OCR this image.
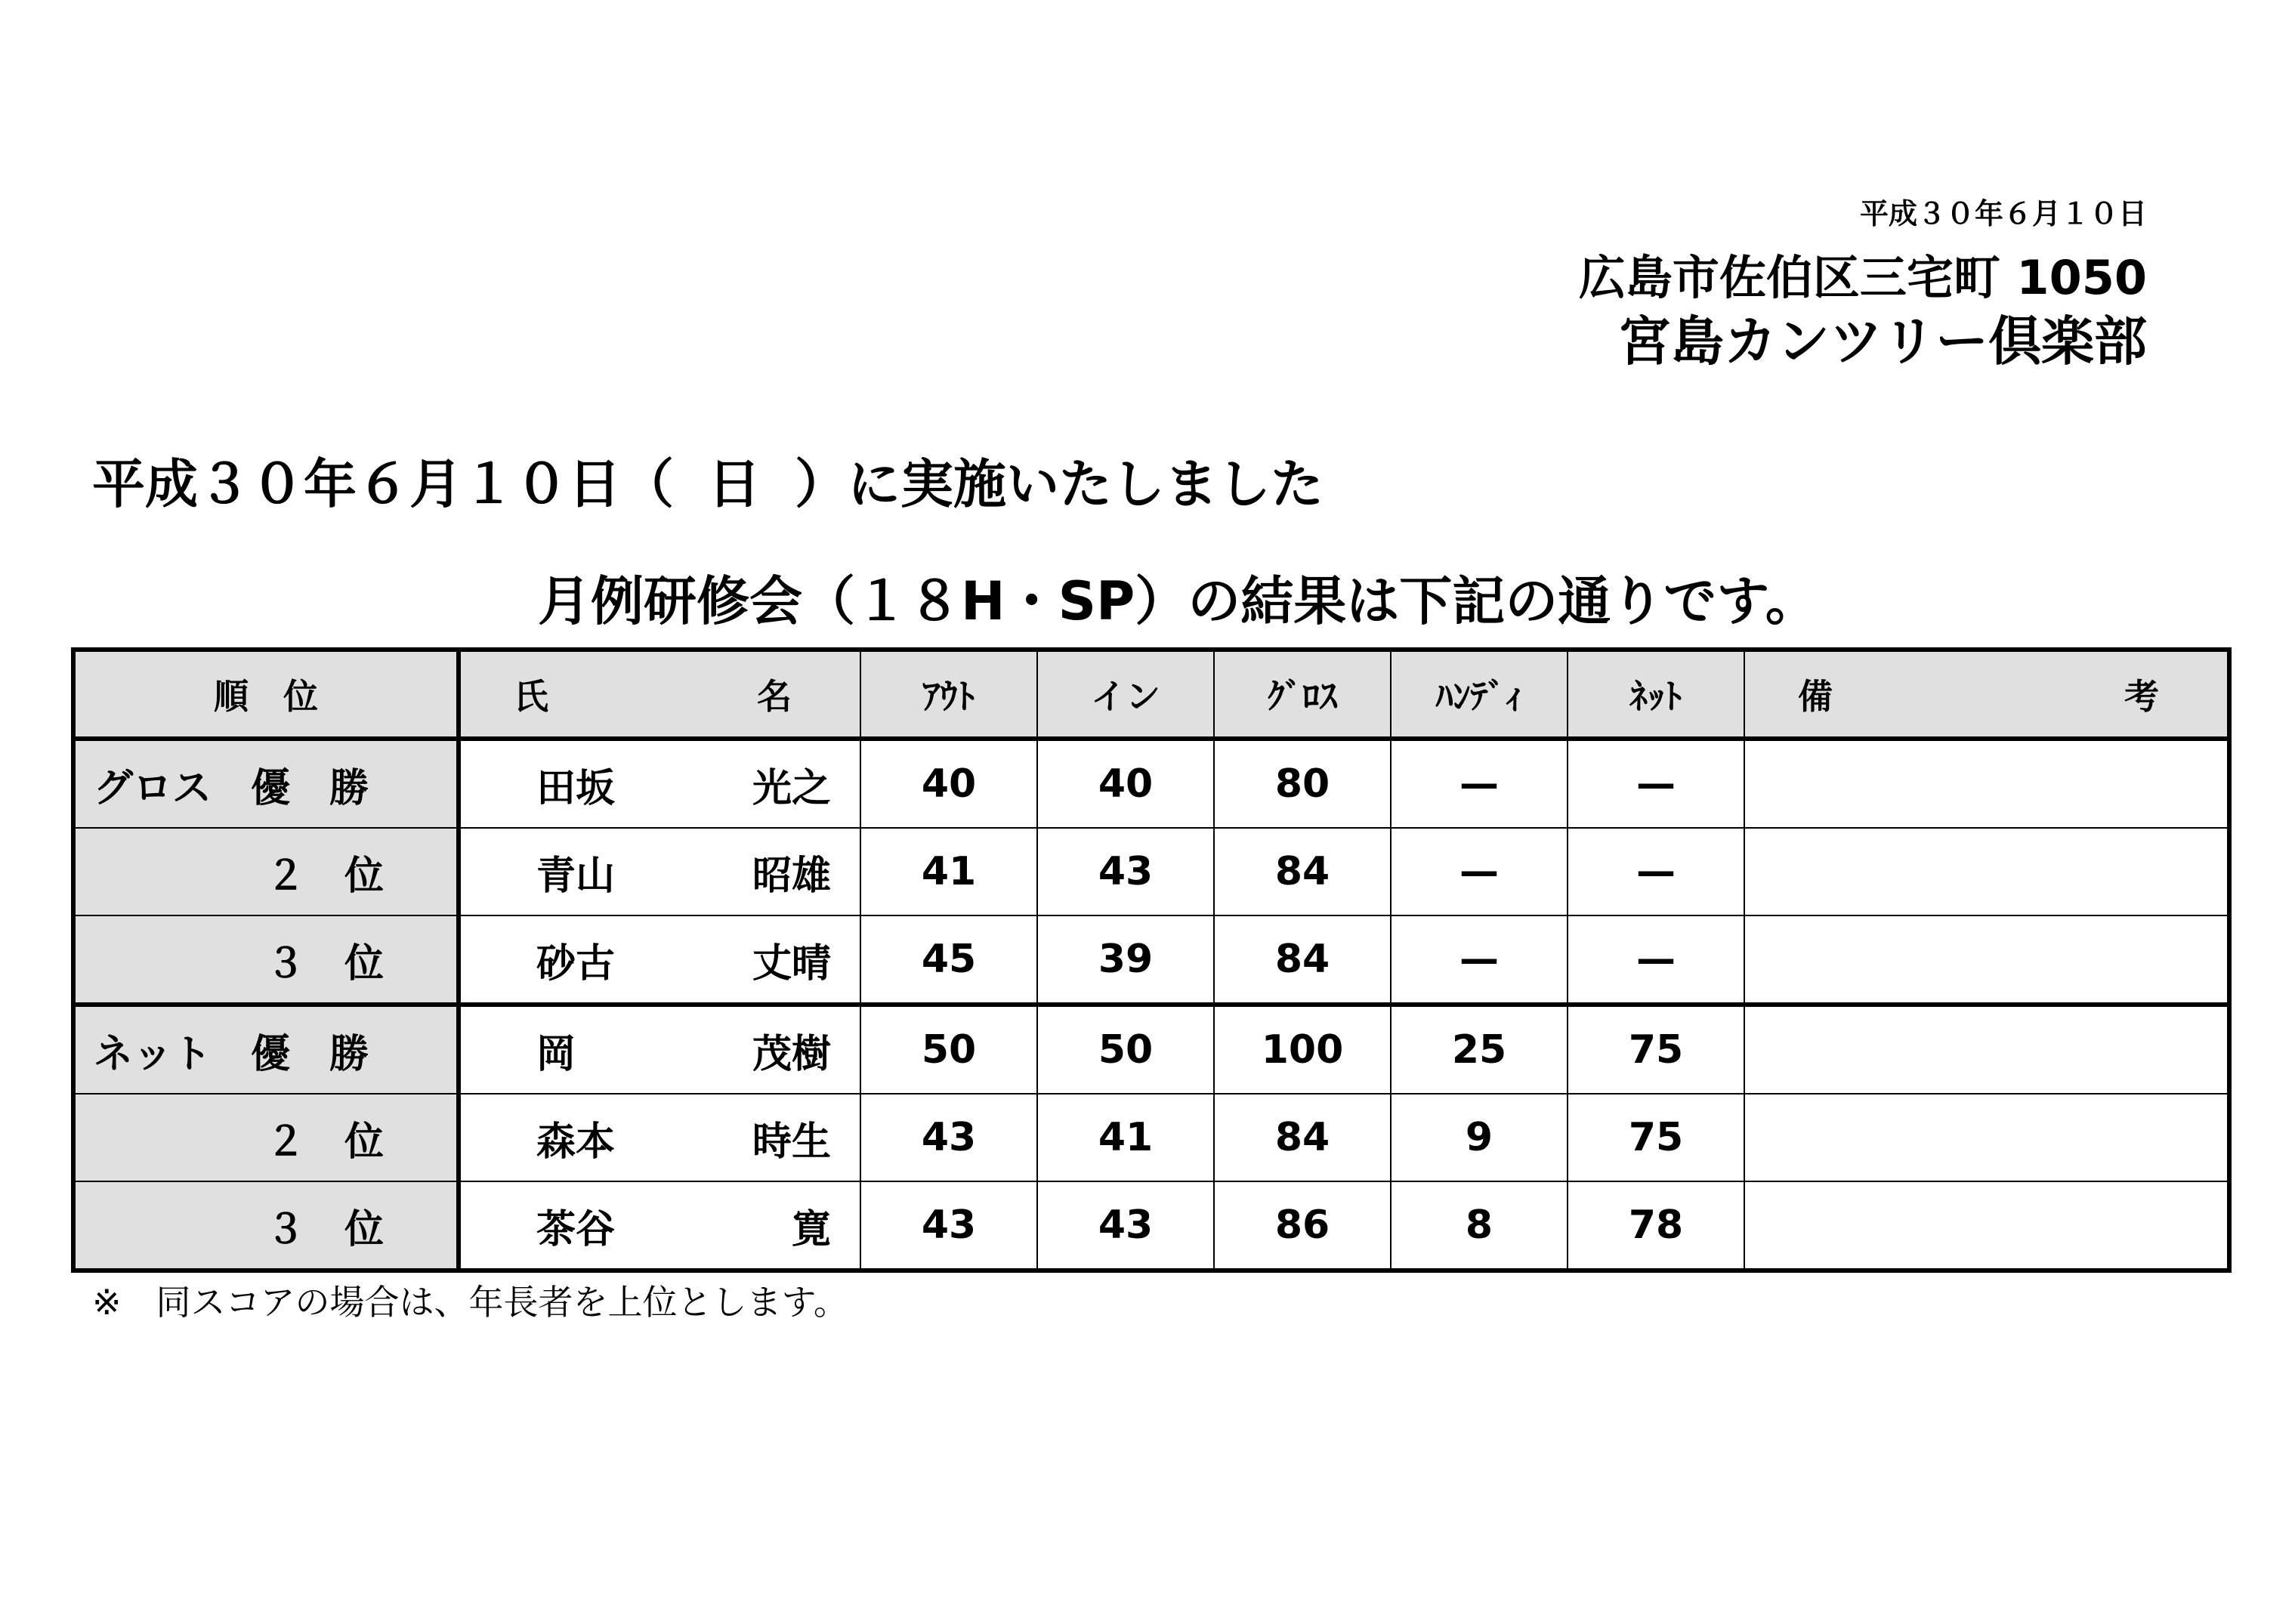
平成３０年６月１０日
広島市佐伯区三宅町 1050
宮島カンツリー倶楽部
平成３０年６月１０日（ 日 ）に実施いたしました
月例研修会（１８H・SP）の結果は下記の通りです。
順　位	氏 名	ｱｳﾄ	イン	ｸﾞﾛｽ	ﾊﾝﾃﾞｨ	ﾈｯﾄ	備 考

グロス　優　勝	田坂 光之	40	40	80	—	—	
２　位	青山 昭雄	41	43	84	—	—	
３　位	砂古 丈晴	45	39	84	—	—	
ネット　優　勝	岡 茂樹	50	50	100	25	75	
２　位	森本 時生	43	41	84	9	75	
３　位	茶谷 寛	43	43	86	8	78	
※　同スコアの場合は、年長者を上位とします。
